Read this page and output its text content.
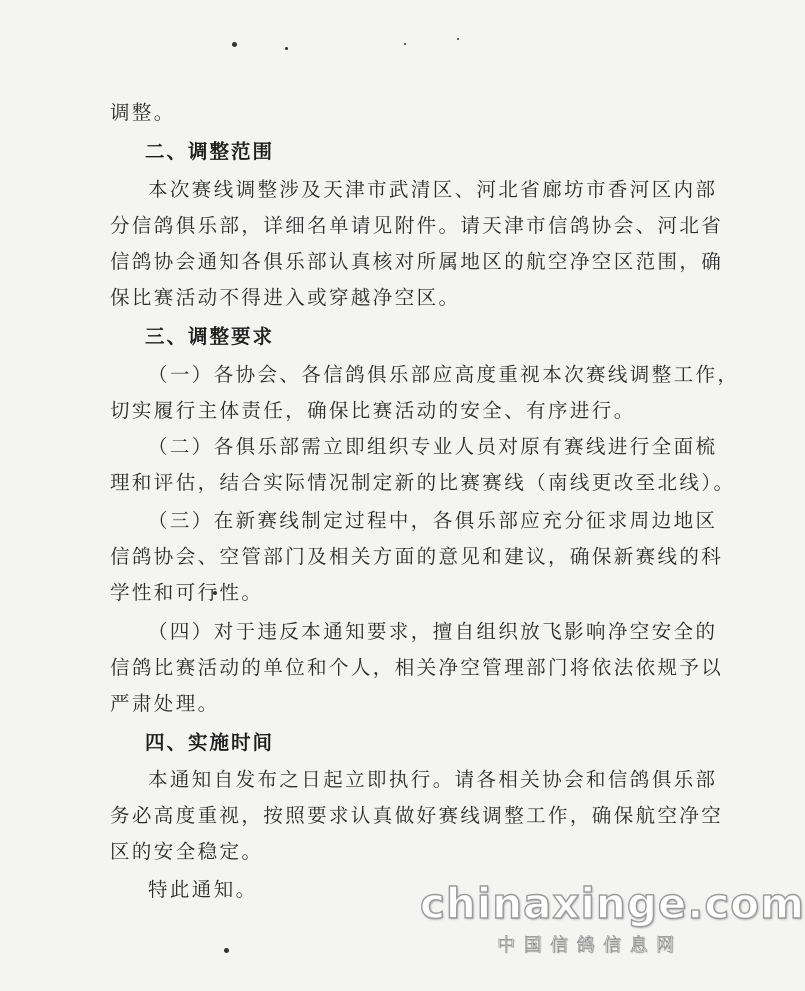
调整。
二、调整范围
本次赛线调整涉及天津市武清区、河北省廊坊市香河区内部
分信鸽俱乐部，详细名单请见附件。请天津市信鸽协会、河北省
信鸽协会通知各俱乐部认真核对所属地区的航空净空区范围，确
保比赛活动不得进入或穿越净空区。
三、调整要求
（一）各协会、各信鸽俱乐部应高度重视本次赛线调整工作，
切实履行主体责任，确保比赛活动的安全、有序进行。
（二）各俱乐部需立即组织专业人员对原有赛线进行全面梳
理和评估，结合实际情况制定新的比赛赛线（南线更改至北线）。
（三）在新赛线制定过程中，各俱乐部应充分征求周边地区
信鸽协会、空管部门及相关方面的意见和建议，确保新赛线的科
学性和可行性。
（四）对于违反本通知要求，擅自组织放飞影响净空安全的
信鸽比赛活动的单位和个人，相关净空管理部门将依法依规予以
严肃处理。
四、实施时间
本通知自发布之日起立即执行。请各相关协会和信鸽俱乐部
务必高度重视，按照要求认真做好赛线调整工作，确保航空净空
区的安全稳定。
特此通知。	chinaxinge.com
中国信鸽信息网
